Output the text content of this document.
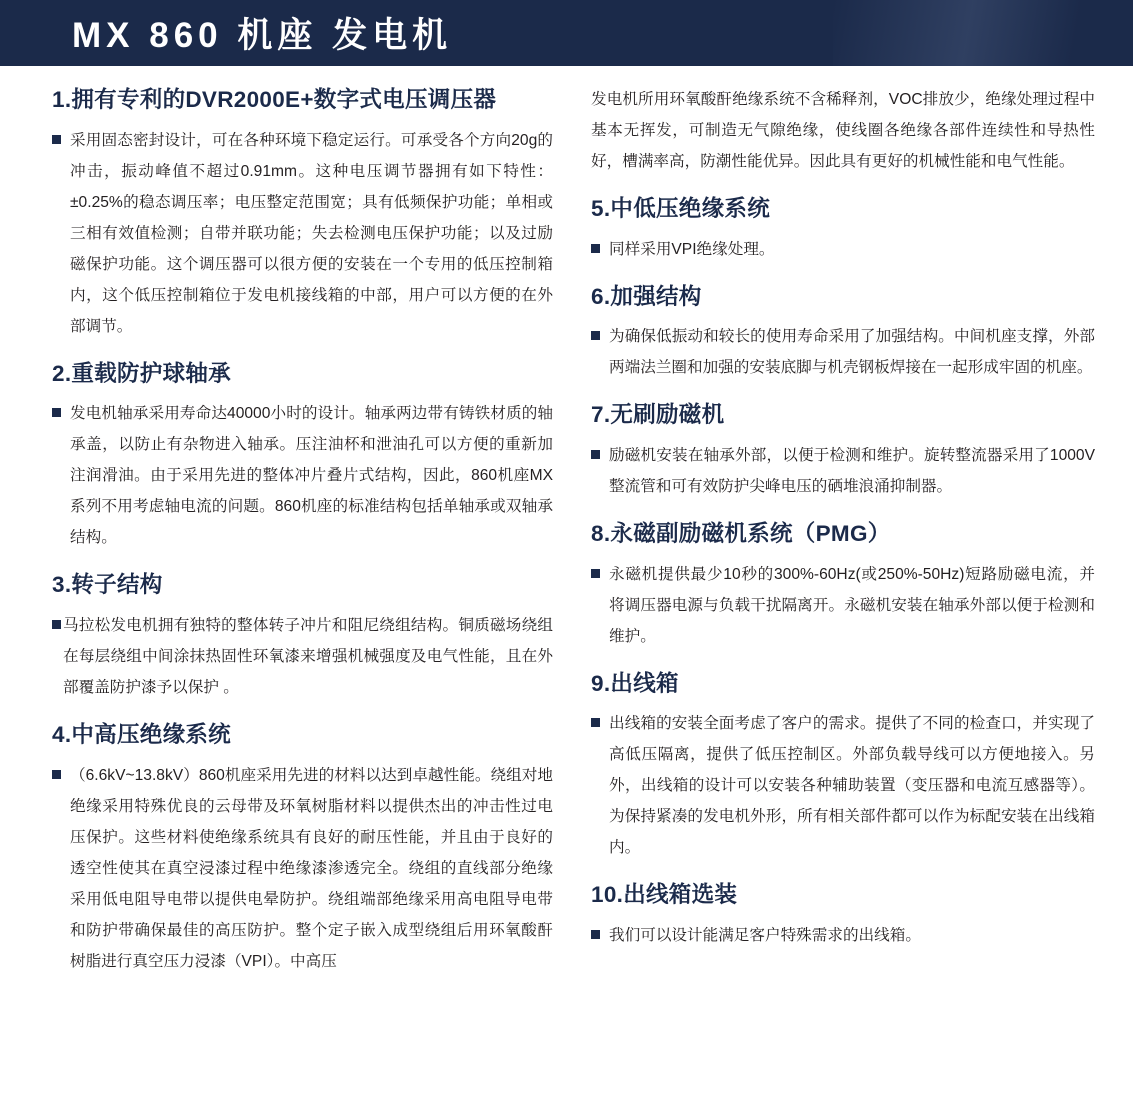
MX 860 机座 发电机
1.拥有专利的DVR2000E+数字式电压调压器
采用固态密封设计，可在各种环境下稳定运行。可承受各个方向20g的冲击，振动峰值不超过0.91mm。这种电压调节器拥有如下特性：±0.25%的稳态调压率；电压整定范围宽；具有低频保护功能；单相或三相有效值检测；自带并联功能；失去检测电压保护功能；以及过励磁保护功能。这个调压器可以很方便的安装在一个专用的低压控制箱内，这个低压控制箱位于发电机接线箱的中部，用户可以方便的在外部调节。
2.重载防护球轴承
发电机轴承采用寿命达40000小时的设计。轴承两边带有铸铁材质的轴承盖，以防止有杂物进入轴承。压注油杯和泄油孔可以方便的重新加注润滑油。由于采用先进的整体冲片叠片式结构，因此，860机座MX系列不用考虑轴电流的问题。860机座的标准结构包括单轴承或双轴承结构。
3.转子结构
马拉松发电机拥有独特的整体转子冲片和阻尼绕组结构。铜质磁场绕组在每层绕组中间涂抹热固性环氧漆来增强机械强度及电气性能，且在外部覆盖防护漆予以保护 。
4.中高压绝缘系统
（6.6kV~13.8kV）860机座采用先进的材料以达到卓越性能。绕组对地绝缘采用特殊优良的云母带及环氧树脂材料以提供杰出的冲击性过电压保护。这些材料使绝缘系统具有良好的耐压性能，并且由于良好的透空性使其在真空浸漆过程中绝缘漆渗透完全。绕组的直线部分绝缘采用低电阻导电带以提供电晕防护。绕组端部绝缘采用高电阻导电带和防护带确保最佳的高压防护。整个定子嵌入成型绕组后用环氧酸酐树脂进行真空压力浸漆（VPI）。中高压
发电机所用环氧酸酐绝缘系统不含稀释剂，VOC排放少，绝缘处理过程中基本无挥发，可制造无气隙绝缘，使线圈各绝缘各部件连续性和导热性好，槽满率高，防潮性能优异。因此具有更好的机械性能和电气性能。
5.中低压绝缘系统
同样采用VPI绝缘处理。
6.加强结构
为确保低振动和较长的使用寿命采用了加强结构。中间机座支撑，外部两端法兰圈和加强的安装底脚与机壳钢板焊接在一起形成牢固的机座。
7.无刷励磁机
励磁机安装在轴承外部，以便于检测和维护。旋转整流器采用了1000V整流管和可有效防护尖峰电压的硒堆浪涌抑制器。
8.永磁副励磁机系统（PMG）
永磁机提供最少10秒的300%-60Hz(或250%-50Hz)短路励磁电流，并将调压器电源与负载干扰隔离开。永磁机安装在轴承外部以便于检测和维护。
9.出线箱
出线箱的安装全面考虑了客户的需求。提供了不同的检查口，并实现了高低压隔离，提供了低压控制区。外部负载导线可以方便地接入。另外，出线箱的设计可以安装各种辅助装置（变压器和电流互感器等）。为保持紧凑的发电机外形，所有相关部件都可以作为标配安装在出线箱内。
10.出线箱选装
我们可以设计能满足客户特殊需求的出线箱。
